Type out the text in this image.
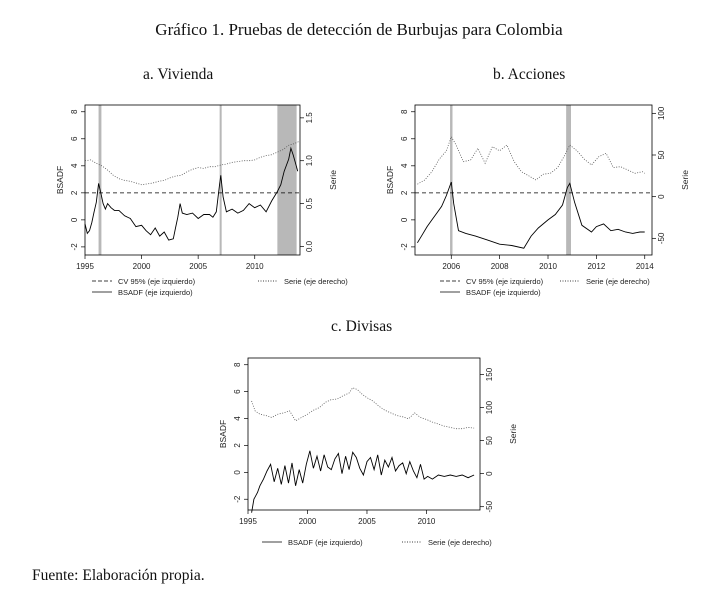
Gráfico 1. Pruebas de detección de Burbujas para Colombia
a. Vivienda	b. Acciones
c. Divisas
1995	2000	2005	2010
-2
0
2
4
6
8
0.0
0.5
1.0
1.5
BSADF	Serie
CV 95% (eje izquierdo)	Serie (eje derecho)
BSADF (eje izquierdo)
2006	2008	2010	2012	2014
-2
0
2
4
6
8
-50
0
50
100
BSADF	Serie
CV 95% (eje izquierdo)	Serie (eje derecho)
BSADF (eje izquierdo)
1995	2000	2005	2010
-2
0
2
4
6
8
-50
0
50
100
150
BSADF	Serie
BSADF (eje izquierdo)	Serie (eje derecho)
Fuente: Elaboración propia.
